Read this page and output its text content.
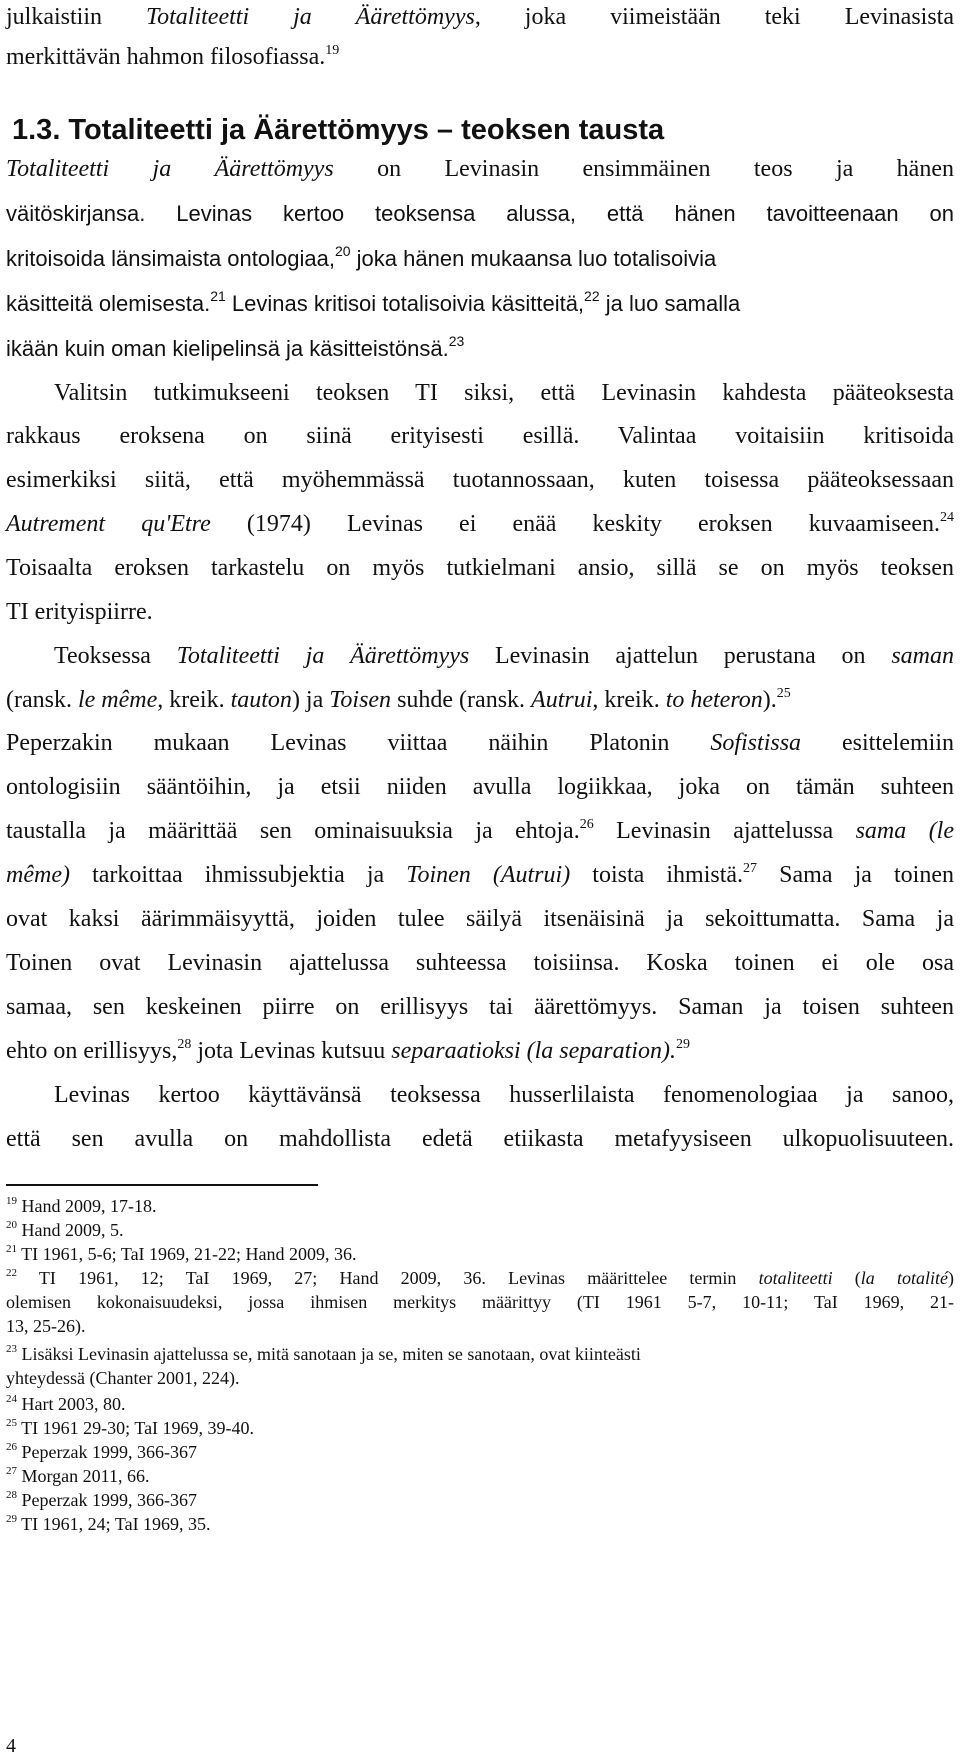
julkaistiin Totaliteetti ja Äärettömyys, joka viimeistään teki Levinasista
merkittävän hahmon filosofiassa.$^{19}$
1.3. Totaliteetti ja Äärettömyys – teoksen tausta
Totaliteetti ja Äärettömyys on Levinasin ensimmäinen teos ja hänen
väitöskirjansa. Levinas kertoo teoksensa alussa, että hänen tavoitteenaan on
kritoisoida länsimaista ontologiaa,$^{20}$ joka hänen mukaansa luo totalisoivia
käsitteitä olemisesta.$^{21}$ Levinas kritisoi totalisoivia käsitteitä,$^{22}$ ja luo samalla
ikään kuin oman kielipelinsä ja käsitteistönsä.$^{23}$
Valitsin tutkimukseeni teoksen TI siksi, että Levinasin kahdesta pääteoksesta
rakkaus eroksena on siinä erityisesti esillä. Valintaa voitaisiin kritisoida
esimerkiksi siitä, että myöhemmässä tuotannossaan, kuten toisessa pääteoksessaan
Autrement qu'Etre (1974) Levinas ei enää keskity eroksen kuvaamiseen.$^{24}$
Toisaalta eroksen tarkastelu on myös tutkielmani ansio, sillä se on myös teoksen
TI erityispiirre.
Teoksessa Totaliteetti ja Äärettömyys Levinasin ajattelun perustana on saman
(ransk. le même, kreik. tauton) ja Toisen suhde (ransk. Autrui, kreik. to heteron).$^{25}$
Peperzakin mukaan Levinas viittaa näihin Platonin Sofistissa esittelemiin
ontologisiin sääntöihin, ja etsii niiden avulla logiikkaa, joka on tämän suhteen
taustalla ja määrittää sen ominaisuuksia ja ehtoja.$^{26}$ Levinasin ajattelussa sama (le
même) tarkoittaa ihmissubjektia ja Toinen (Autrui) toista ihmistä.$^{27}$ Sama ja toinen
ovat kaksi äärimmäisyyttä, joiden tulee säilyä itsenäisinä ja sekoittumatta. Sama ja
Toinen ovat Levinasin ajattelussa suhteessa toisiinsa. Koska toinen ei ole osa
samaa, sen keskeinen piirre on erillisyys tai äärettömyys. Saman ja toisen suhteen
ehto on erillisyys,$^{28}$ jota Levinas kutsuu separaatioksi (la separation).$^{29}$
Levinas kertoo käyttävänsä teoksessa husserlilaista fenomenologiaa ja sanoo,
että sen avulla on mahdollista edetä etiikasta metafyysiseen ulkopuolisuuteen.
$^{19}$ Hand 2009, 17-18.
$^{20}$ Hand 2009, 5.
$^{21}$ TI 1961, 5-6; TaI 1969, 21-22; Hand 2009, 36.
$^{22}$ TI 1961, 12; TaI 1969, 27; Hand 2009, 36. Levinas määrittelee termin totaliteetti (la totalité)
olemisen kokonaisuudeksi, jossa ihmisen merkitys määrittyy (TI 1961 5-7, 10-11; TaI 1969, 21-
13, 25-26).
$^{23}$ Lisäksi Levinasin ajattelussa se, mitä sanotaan ja se, miten se sanotaan, ovat kiinteästi
yhteydessä (Chanter 2001, 224).
$^{24}$ Hart 2003, 80.
$^{25}$ TI 1961 29-30; TaI 1969, 39-40.
$^{26}$ Peperzak 1999, 366-367
$^{27}$ Morgan 2011, 66.
$^{28}$ Peperzak 1999, 366-367
$^{29}$ TI 1961, 24; TaI 1969, 35.
4
